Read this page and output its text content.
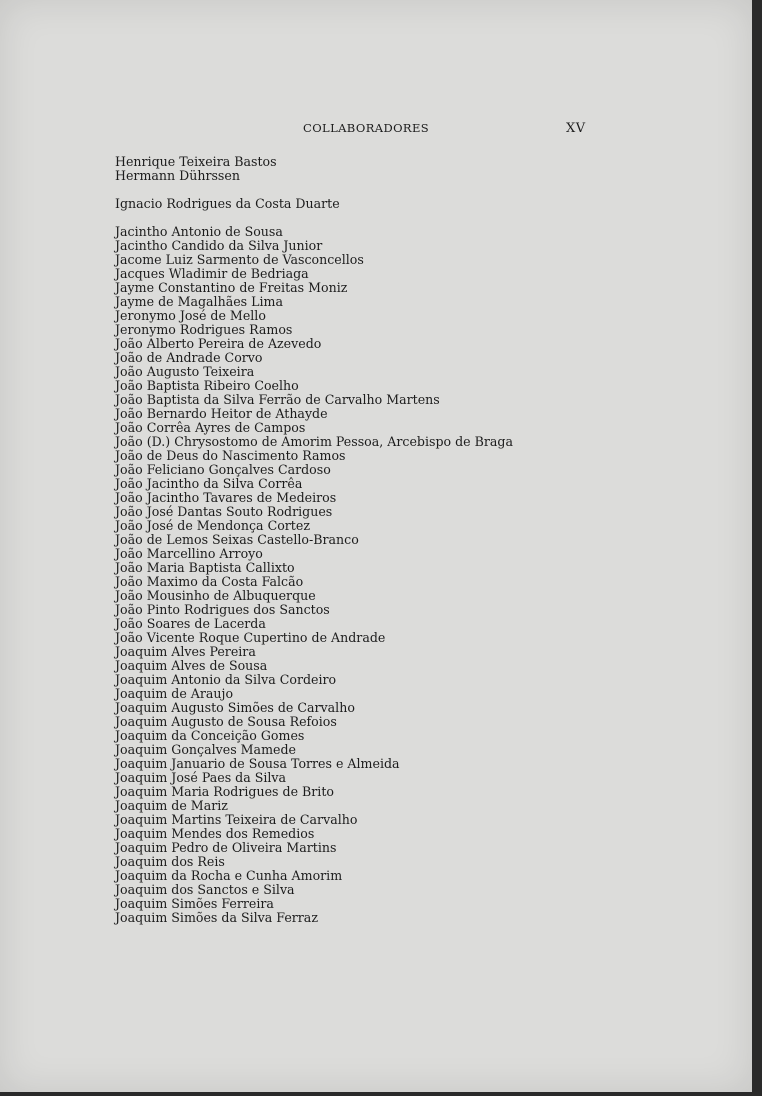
COLLABORADORES	XV
Henrique Teixeira Bastos
Hermann Dührssen
Ignacio Rodrigues da Costa Duarte
Jacintho Antonio de Sousa
Jacintho Candido da Silva Junior
Jacome Luiz Sarmento de Vasconcellos
Jacques Wladimir de Bedriaga
Jayme Constantino de Freitas Moniz
Jayme de Magalhães Lima
Jeronymo José de Mello
Jeronymo Rodrigues Ramos
João Alberto Pereira de Azevedo
João de Andrade Corvo
João Augusto Teixeira
João Baptista Ribeiro Coelho
João Baptista da Silva Ferrão de Carvalho Martens
João Bernardo Heitor de Athayde
João Corrêa Ayres de Campos
João (D.) Chrysostomo de Amorim Pessoa, Arcebispo de Braga
João de Deus do Nascimento Ramos
João Feliciano Gonçalves Cardoso
João Jacintho da Silva Corrêa
João Jacintho Tavares de Medeiros
João José Dantas Souto Rodrigues
João José de Mendonça Cortez
João de Lemos Seixas Castello-Branco
João Marcellino Arroyo
João Maria Baptista Callixto
João Maximo da Costa Falcão
João Mousinho de Albuquerque
João Pinto Rodrigues dos Sanctos
João Soares de Lacerda
João Vicente Roque Cupertino de Andrade
Joaquim Alves Pereira
Joaquim Alves de Sousa
Joaquim Antonio da Silva Cordeiro
Joaquim de Araujo
Joaquim Augusto Simões de Carvalho
Joaquim Augusto de Sousa Refoios
Joaquim da Conceição Gomes
Joaquim Gonçalves Mamede
Joaquim Januario de Sousa Torres e Almeida
Joaquim José Paes da Silva
Joaquim Maria Rodrigues de Brito
Joaquim de Mariz
Joaquim Martins Teixeira de Carvalho
Joaquim Mendes dos Remedios
Joaquim Pedro de Oliveira Martins
Joaquim dos Reis
Joaquim da Rocha e Cunha Amorim
Joaquim dos Sanctos e Silva
Joaquim Simões Ferreira
Joaquim Simões da Silva Ferraz
